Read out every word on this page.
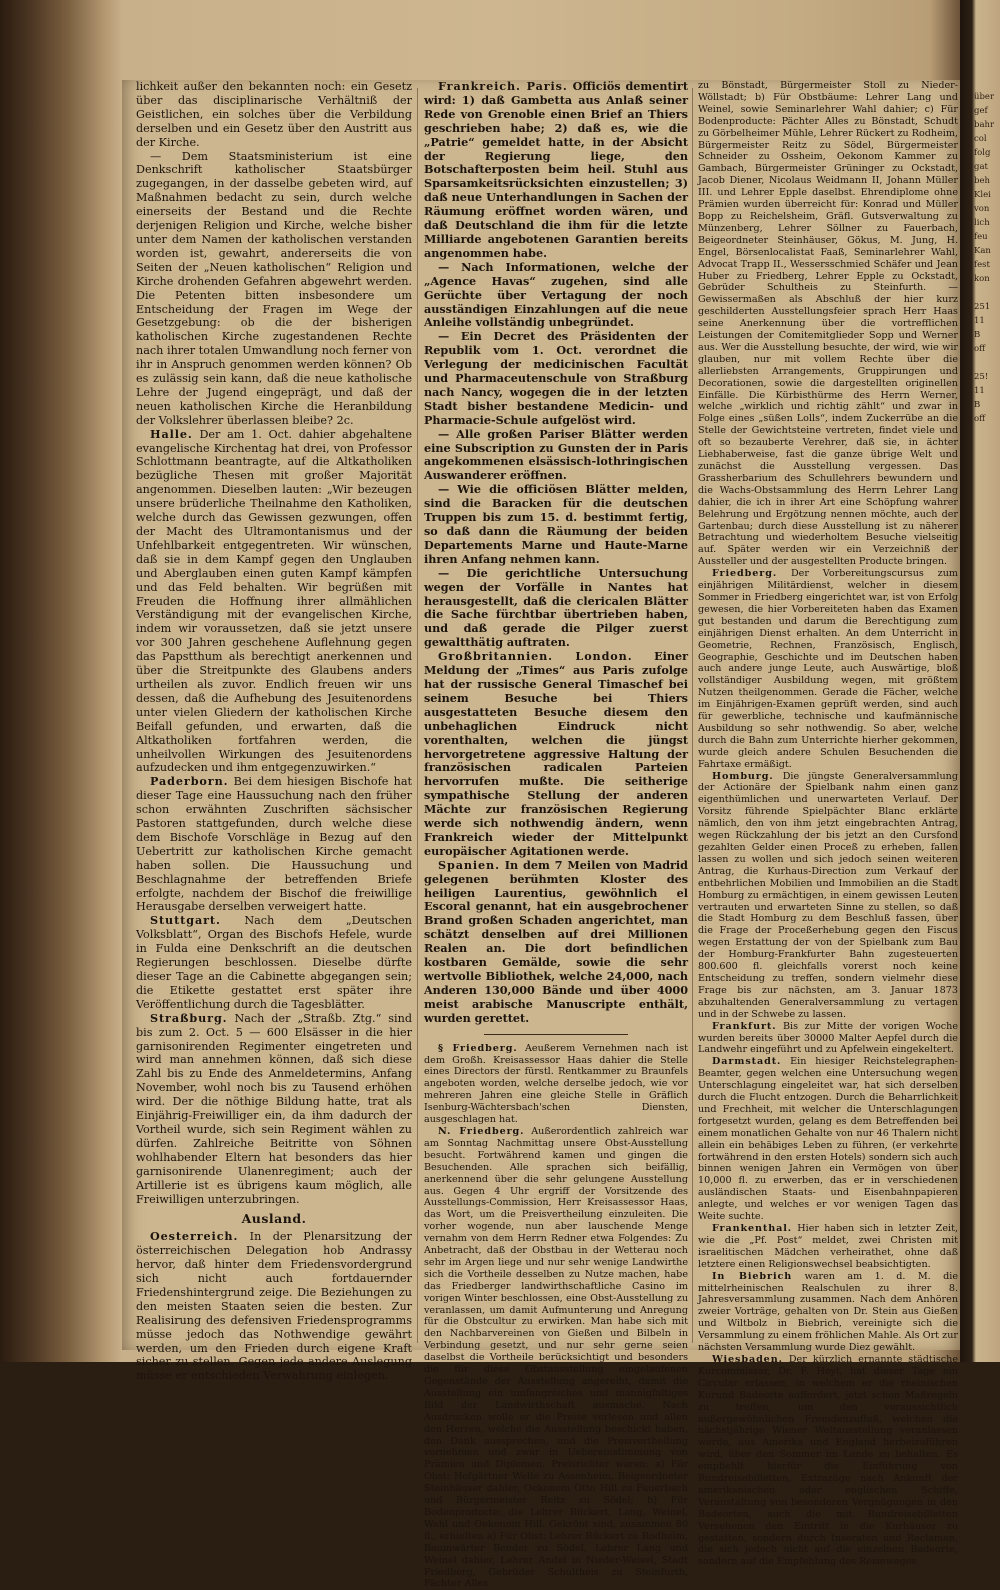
über
gef
bahr
col
folg
gat
beh
Klei
von
lich
feu
Kan
fest
kon

251
11
B
off

25!
11
B
off

lichkeit außer den bekannten noch: ein Gesetz über das disciplinarische Verhältniß der Geistlichen, ein solches über die Verbildung derselben und ein Gesetz über den Austritt aus der Kirche.

— Dem Staatsministerium ist eine Denkschrift katholischer Staatsbürger zugegangen, in der dasselbe gebeten wird, auf Maßnahmen bedacht zu sein, durch welche einerseits der Bestand und die Rechte derjenigen Religion und Kirche, welche bisher unter dem Namen der katholischen verstanden worden ist, gewahrt, andererseits die von Seiten der „Neuen katholischen“ Religion und Kirche drohenden Gefahren abgewehrt werden. Die Petenten bitten insbesondere um Entscheidung der Fragen im Wege der Gesetzgebung: ob die der bisherigen katholischen Kirche zugestandenen Rechte nach ihrer totalen Umwandlung noch ferner von ihr in Anspruch genommen werden können? Ob es zulässig sein kann, daß die neue katholische Lehre der Jugend eingeprägt, und daß der neuen katholischen Kirche die Heranbildung der Volkslehrer überlassen bleibe? 2c.

Halle. Der am 1. Oct. dahier abgehaltene evangelische Kirchentag hat drei, von Professor Schlottmann beantragte, auf die Altkatholiken bezügliche Thesen mit großer Majorität angenommen. Dieselben lauten: „Wir bezeugen unsere brüderliche Theilnahme den Katholiken, welche durch das Gewissen gezwungen, offen der Macht des Ultramontanismus und der Unfehlbarkeit entgegentreten. Wir wünschen, daß sie in dem Kampf gegen den Unglauben und Aberglauben einen guten Kampf kämpfen und das Feld behalten. Wir begrüßen mit Freuden die Hoffnung ihrer allmählichen Verständigung mit der evangelischen Kirche, indem wir voraussetzen, daß sie jetzt unsere vor 300 Jahren geschehene Auflehnung gegen das Papstthum als berechtigt anerkennen und über die Streitpunkte des Glaubens anders urtheilen als zuvor. Endlich freuen wir uns dessen, daß die Aufhebung des Jesuitenordens unter vielen Gliedern der katholischen Kirche Beifall gefunden, und erwarten, daß die Altkatholiken fortfahren werden, die unheilvollen Wirkungen des Jesuitenordens aufzudecken und ihm entgegenzuwirken.“

Paderborn. Bei dem hiesigen Bischofe hat dieser Tage eine Haussuchung nach den früher schon erwähnten Zuschriften sächsischer Pastoren stattgefunden, durch welche diese dem Bischofe Vorschläge in Bezug auf den Uebertritt zur katholischen Kirche gemacht haben sollen. Die Haussuchung und Beschlagnahme der betreffenden Briefe erfolgte, nachdem der Bischof die freiwillige Herausgabe derselben verweigert hatte.

Stuttgart. Nach dem „Deutschen Volksblatt“, Organ des Bischofs Hefele, wurde in Fulda eine Denkschrift an die deutschen Regierungen beschlossen. Dieselbe dürfte dieser Tage an die Cabinette abgegangen sein; die Etikette gestattet erst später ihre Veröffentlichung durch die Tagesblätter.

Straßburg. Nach der „Straßb. Ztg.“ sind bis zum 2. Oct. 5 — 600 Elsässer in die hier garnisonirenden Regimenter eingetreten und wird man annehmen können, daß sich diese Zahl bis zu Ende des Anmeldetermins, Anfang November, wohl noch bis zu Tausend erhöhen wird. Der die nöthige Bildung hatte, trat als Einjährig-Freiwilliger ein, da ihm dadurch der Vortheil wurde, sich sein Regiment wählen zu dürfen. Zahlreiche Beitritte von Söhnen wohlhabender Eltern hat besonders das hier garnisonirende Ulanenregiment; auch der Artillerie ist es übrigens kaum möglich, alle Freiwilligen unterzubringen.

Ausland.

Oesterreich. In der Plenarsitzung der österreichischen Delegation hob Andrassy hervor, daß hinter dem Friedensvordergrund sich nicht auch fortdauernder Friedenshintergrund zeige. Die Beziehungen zu den meisten Staaten seien die besten. Zur Realisirung des defensiven Friedensprogramms müsse jedoch das Nothwendige gewährt werden, um den Frieden durch eigene Kraft sicher zu stellen. Gegen jede andere Auslegung müsse er entschieden Verwahrung einlegen.

Frankreich. Paris. Officiös dementirt wird: 1) daß Gambetta aus Anlaß seiner Rede von Grenoble einen Brief an Thiers geschrieben habe; 2) daß es, wie die „Patrie“ gemeldet hatte, in der Absicht der Regierung liege, den Botschafterposten beim heil. Stuhl aus Sparsamkeitsrücksichten einzustellen; 3) daß neue Unterhandlungen in Sachen der Räumung eröffnet worden wären, und daß Deutschland die ihm für die letzte Milliarde angebotenen Garantien bereits angenommen habe.

— Nach Informationen, welche der „Agence Havas“ zugehen, sind alle Gerüchte über Vertagung der noch ausständigen Einzahlungen auf die neue Anleihe vollständig unbegründet.

— Ein Decret des Präsidenten der Republik vom 1. Oct. verordnet die Verlegung der medicinischen Facultät und Pharmaceutenschule von Straßburg nach Nancy, wogegen die in der letzten Stadt bisher bestandene Medicin- und Pharmacie-Schule aufgelöst wird.

— Alle großen Pariser Blätter werden eine Subscription zu Gunsten der in Paris angekommenen elsässisch-lothringischen Auswanderer eröffnen.

— Wie die officiösen Blätter melden, sind die Baracken für die deutschen Truppen bis zum 15. d. bestimmt fertig, so daß dann die Räumung der beiden Departements Marne und Haute-Marne ihren Anfang nehmen kann.

— Die gerichtliche Untersuchung wegen der Vorfälle in Nantes hat herausgestellt, daß die clericalen Blätter die Sache fürchtbar übertrieben haben, und daß gerade die Pilger zuerst gewaltthätig auftraten.

Großbritannien. London. Einer Meldung der „Times“ aus Paris zufolge hat der russische General Timaschef bei seinem Besuche bei Thiers ausgestatteten Besuche diesem den unbehaglichen Eindruck nicht vorenthalten, welchen die jüngst hervorgetretene aggressive Haltung der französischen radicalen Parteien hervorrufen mußte. Die seitherige sympathische Stellung der anderen Mächte zur französischen Regierung werde sich nothwendig ändern, wenn Frankreich wieder der Mittelpunkt europäischer Agitationen werde.

Spanien. In dem 7 Meilen von Madrid gelegenen berühmten Kloster des heiligen Laurentius, gewöhnlich el Escoral genannt, hat ein ausgebrochener Brand großen Schaden angerichtet, man schätzt denselben auf drei Millionen Realen an. Die dort befindlichen kostbaren Gemälde, sowie die sehr wertvolle Bibliothek, welche 24,000, nach Anderen 130,000 Bände und über 4000 meist arabische Manuscripte enthält, wurden gerettet.

§ Friedberg. Aeußerem Vernehmen nach ist dem Großh. Kreisassessor Haas dahier die Stelle eines Directors der fürstl. Rentkammer zu Braunfels angeboten worden, welche derselbe jedoch, wie vor mehreren Jahren eine gleiche Stelle in Gräflich Isenburg-Wächtersbach'schen Diensten, ausgeschlagen hat.

N. Friedberg. Außerordentlich zahlreich war am Sonntag Nachmittag unsere Obst-Ausstellung besucht. Fortwährend kamen und gingen die Besuchenden. Alle sprachen sich beifällig, anerkennend über die sehr gelungene Ausstellung aus. Gegen 4 Uhr ergriff der Vorsitzende des Ausstellungs-Commission, Herr Kreisassessor Haas, das Wort, um die Preisvertheilung einzuleiten. Die vorher wogende, nun aber lauschende Menge vernahm von dem Herrn Redner etwa Folgendes: Zu Anbetracht, daß der Obstbau in der Wetterau noch sehr im Argen liege und nur sehr wenige Landwirthe sich die Vortheile desselben zu Nutze machen, habe das Friedberger landwirthschaftliche Casino im vorigen Winter beschlossen, eine Obst-Ausstellung zu veranlassen, um damit Aufmunterung und Anregung für die Obstcultur zu erwirken. Man habe sich mit den Nachbarvereinen von Gießen und Bilbeln in Verbindung gesetzt, und nur sehr gerne seien daselbst die Vortheile berücksichtigt und besonders die für diese Obstausstellung eingelaufenen Gegenstände der Ausstellung angereiht, damit die Ausstellung ein umfangreiches und mannigfaltiges Bild der Landwirthschaft ausmache. Nach Ausdrucken wolle er die Preise verlesen und allen den Herren, welche die Ausstellung beschickt haben, den Dank aussprechen, und die Preisvertheilung vornehmen und zwar in Uebereinstimmung von Prämien und Diplomen. Preisrichter waren: a) Für Obst: Hofgärtner Welle zu Assenheim, Beigeordneter Steinhäuser dahier, Oekonom Otto Hill zu Fauerbach und Bürgermeister Reitz zu Södel; b) Für Bodenproducte: die Lehrer Rückert, Lang, Weinel, Wahl und Oekonom Hill. Gekrönt sind, zusammen 80 fl., erhielten a) Für Obst: Lehrer Rückert zu Rodheim, Baumwärter Bender zu Södel, Lehrer Lang und Weinel dahier, Lehrer Andel in Nieder-Weisel, Stadt Friedberg, Gebrüder Schultheis zu Steinfurth, Pächter Alles

zu Bönstadt, Bürgermeister Stoll zu Nieder-Wöllstadt; b) Für Obstbäume: Lehrer Lang und Weinel, sowie Seminarlehrer Wahl dahier; c) Für Bodenproducte: Pächter Alles zu Bönstadt, Schudt zu Görbelheimer Mühle, Lehrer Rückert zu Rodheim, Bürgermeister Reitz zu Södel, Bürgermeister Schneider zu Ossheim, Oekonom Kammer zu Gambach, Bürgermeister Grüninger zu Ockstadt, Jacob Diener, Nicolaus Weidmann II, Johann Müller III. und Lehrer Epple daselbst. Ehrendiplome ohne Prämien wurden überreicht für: Konrad und Müller Bopp zu Reichelsheim, Gräfl. Gutsverwaltung zu Münzenberg, Lehrer Söllner zu Fauerbach, Beigeordneter Steinhäuser, Gökus, M. Jung, H. Engel, Börsenlocalistat Faaß, Seminarlehrer Wahl, Advocat Trapp II., Wessersschmied Schäfer und Jean Huber zu Friedberg, Lehrer Epple zu Ockstadt, Gebrüder Schultheis zu Steinfurth. — Gewissermaßen als Abschluß der hier kurz geschilderten Ausstellungsfeier sprach Herr Haas seine Anerkennung über die vortrefflichen Leistungen der Comitemitglieder Sopp und Werner aus. Wer die Ausstellung besuchte, der wird, wie wir glauben, nur mit vollem Rechte über die allerliebsten Arrangements, Gruppirungen und Decorationen, sowie die dargestellten originellen Einfälle. Die Kürbisthürme des Herrn Werner, welche „wirklich und richtig zählt“ und zwar in Folge eines „süßen Lolls“, indem Zuckerrübe an die Stelle der Gewichtsteine vertreten, findet viele und oft so bezauberte Verehrer, daß sie, in ächter Liebhaberweise, fast die ganze übrige Welt und zunächst die Ausstellung vergessen. Das Grassherbarium des Schullehrers bewundern und die Wachs-Obstsammlung des Herrn Lehrer Lang dahier, die ich in ihrer Art eine Schöpfung wahrer Belehrung und Ergötzung nennen möchte, auch der Gartenbau; durch diese Ausstellung ist zu näherer Betrachtung und wiederholtem Besuche vielseitig auf. Später werden wir ein Verzeichniß der Aussteller und der ausgestellten Producte bringen.

Friedberg. Der Vorbereitungscursus zum einjährigen Militärdienst, welcher in diesem Sommer in Friedberg eingerichtet war, ist von Erfolg gewesen, die hier Vorbereiteten haben das Examen gut bestanden und darum die Berechtigung zum einjährigen Dienst erhalten. An dem Unterricht in Geometrie, Rechnen, Französisch, Englisch, Geographie, Geschichte und im Deutschen haben auch andere junge Leute, auch Auswärtige, bloß vollständiger Ausbildung wegen, mit größtem Nutzen theilgenommen. Gerade die Fächer, welche im Einjährigen-Examen geprüft werden, sind auch für gewerbliche, technische und kaufmännische Ausbildung so sehr nothwendig. So aber, welche durch die Bahn zum Unterrichte hierher gekommen, wurde gleich andere Schulen Besuchenden die Fahrtaxe ermäßigt.

Homburg. Die jüngste Generalversammlung der Actionäre der Spielbank nahm einen ganz eigenthümlichen und unerwarteten Verlauf. Der Vorsitz führende Spielpächter Blanc erklärte nämlich, den von ihm jetzt eingebrachten Antrag, wegen Rückzahlung der bis jetzt an den Cursfond gezahlten Gelder einen Proceß zu erheben, fallen lassen zu wollen und sich jedoch seinen weiteren Antrag, die Kurhaus-Direction zum Verkauf der entbehrlichen Mobilien und Immobilien an die Stadt Homburg zu ermächtigen, in einem gewissen Leuten vertrauten und erwarteten Sinne zu stellen, so daß die Stadt Homburg zu dem Beschluß fassen, über die Frage der Proceßerhebung gegen den Fiscus wegen Erstattung der von der Spielbank zum Bau der Homburg-Frankfurter Bahn zugesteuerten 800.600 fl. gleichfalls vorerst noch keine Entscheidung zu treffen, sondern vielmehr diese Frage bis zur nächsten, am 3. Januar 1873 abzuhaltenden Generalversammlung zu vertagen und in der Schwebe zu lassen.

Frankfurt. Bis zur Mitte der vorigen Woche wurden bereits über 30000 Malter Aepfel durch die Landwehr eingeführt und zu Apfelwein eingekeltert.

Darmstadt. Ein hiesiger Reichstelegraphen-Beamter, gegen welchen eine Untersuchung wegen Unterschlagung eingeleitet war, hat sich derselben durch die Flucht entzogen. Durch die Beharrlichkeit und Frechheit, mit welcher die Unterschlagungen fortgesetzt wurden, gelang es dem Betreffenden bei einem monatlichen Gehalte von nur 46 Thalern nicht allein ein behäbiges Leben zu führen, (er verkehrte fortwährend in den ersten Hotels) sondern sich auch binnen wenigen Jahren ein Vermögen von über 10,000 fl. zu erwerben, das er in verschiedenen ausländischen Staats- und Eisenbahnpapieren anlegte, und welches er vor wenigen Tagen das Weite suchte.

Frankenthal. Hier haben sich in letzter Zeit, wie die „Pf. Post“ meldet, zwei Christen mit israelitischen Mädchen verheirathet, ohne daß letztere einen Religionswechsel beabsichtigten.

In Biebrich waren am 1. d. M. die mittelrheinischen Realschulen zu ihrer 8. Jahresversammlung zusammen. Nach dem Anhören zweier Vorträge, gehalten von Dr. Stein aus Gießen und Wiltbolz in Biebrich, vereinigte sich die Versammlung zu einem fröhlichen Mahle. Als Ort zur nächsten Versammlung wurde Diez gewählt.

Wiesbaden. Der kürzlich ernannte städtische Kurcommissar, Dr. F. Heyl, hat dieser Tage ein Circular erlassen, in welchem er die rheinischen Kurund Badeorte auffordert, jetzt schon Maßregeln zu treffen, um den voraussichtlich außergewöhnlichen Fremdenzufluß, welchen die nächstjährige Wiener Weltausstellung veranlassen werde, aus Amerika und England herbeizuführen wird, über den Sommer im Lande zu behalten. Es empfiehlt hierfür die Einführung von Rundreisebilletten, Extrazüge nach Ankunft der amerikanischen oder englischen Schiffe, Veranstaltung von besonderen Vergnügungen in den Badeorten, auch die mit Rundreisebilletten Versehenen den Eintritt in die Kurhäuser zu gestatten, sondern durch Inseraten und Reclamen, die sich jedoch nicht auf die einzelnen Badeorte, sondern auf die Empfehlung des Reiseweges
